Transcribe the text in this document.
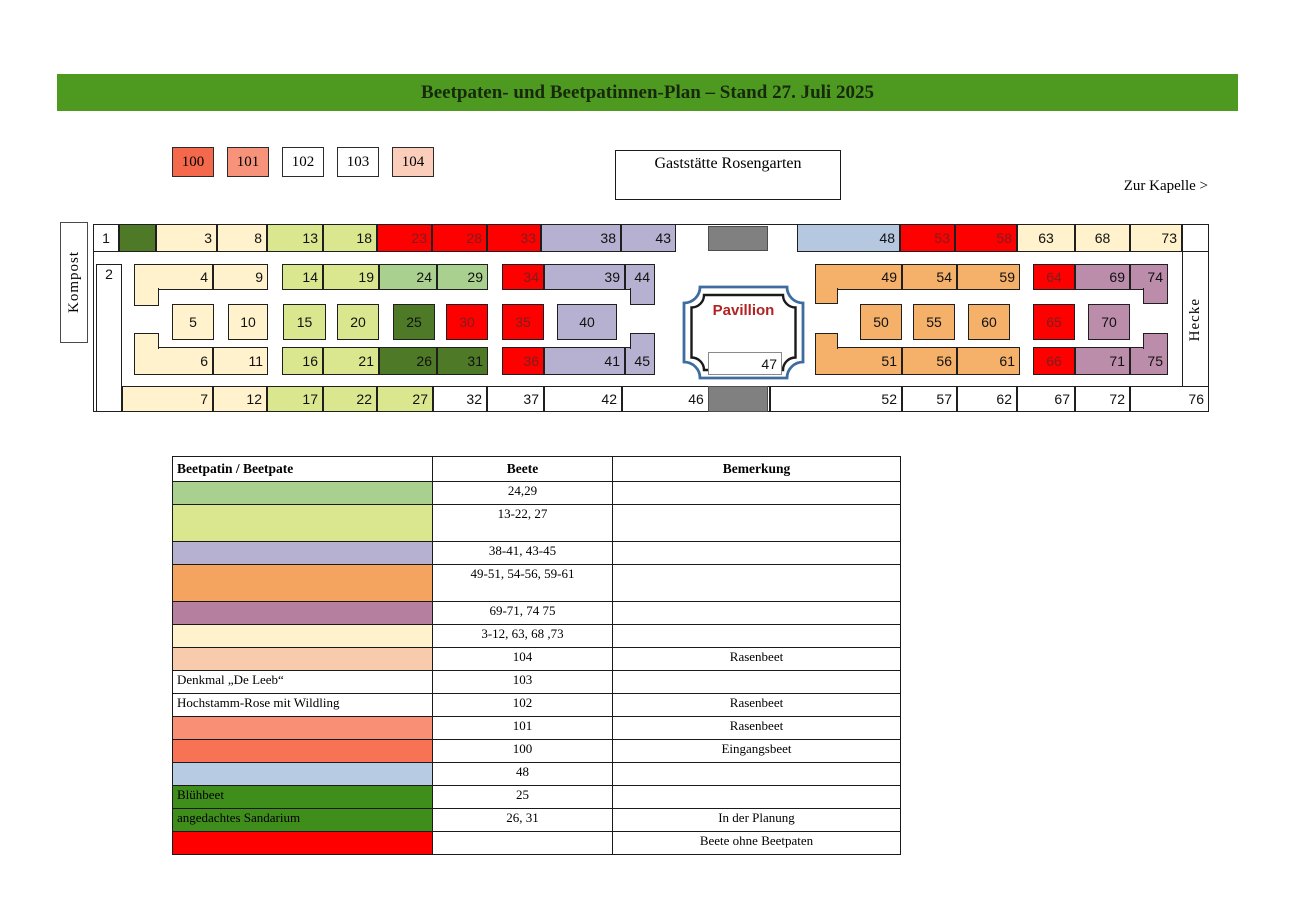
Beetpaten- und Beetpatinnen-Plan – Stand 27. Juli 2025
100 101 102 103 104	Gaststätte Rosengarten
Zur Kapelle >
Kompost
Hecke
Pavillion
1	3	8	13	18	23	28	33	38	43	48	53	58	63	68	73
2	4	9	14	19	24	29	34	39	44	49	54	59	64	69	74
5	10	15	20	25	30	35	40	50	55	60	65	70
6	11	16	21	26	31	36	41	45	51	56	61	66	71	75
7	12	17	22	27	32	37	42	46	52	57	62	67	72	76
47
Beetpatin / Beetpate	Beete	Bemerkung
	24,29	
	13-22, 27	
	38-41, 43-45	
	49-51, 54-56, 59-61	
	69-71, 74 75	
	3-12, 63, 68 ,73	
	104	Rasenbeet
Denkmal „De Leeb“	103	
Hochstamm-Rose mit Wildling	102	Rasenbeet
	101	Rasenbeet
	100	Eingangsbeet
	48	
Blühbeet	25	
angedachtes Sandarium	26, 31	In der Planung
		Beete ohne Beetpaten
